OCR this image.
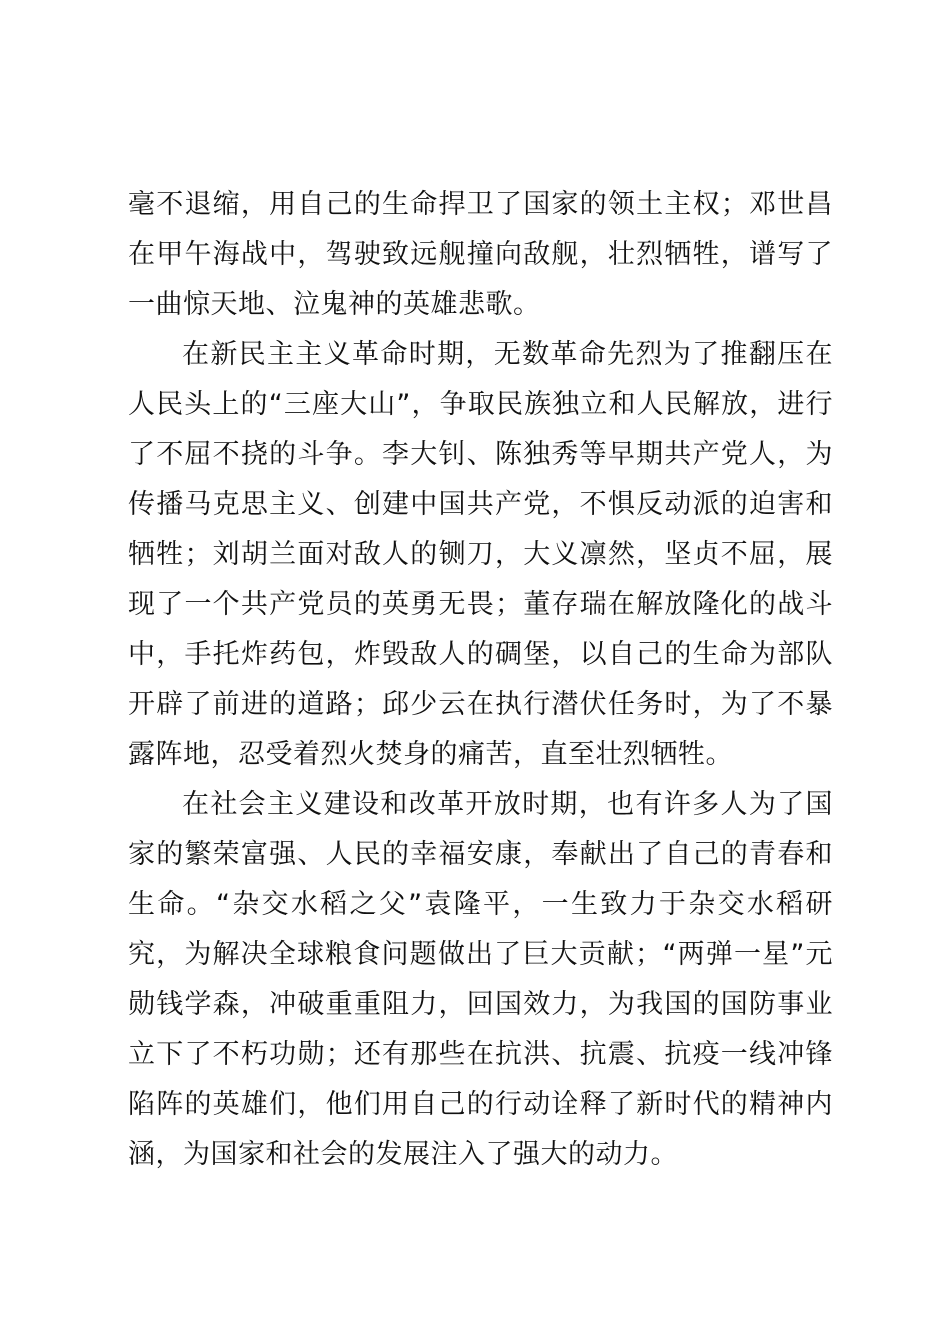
毫不退缩，用自己的生命捍卫了国家的领土主权；邓世昌在甲午海战中，驾驶致远舰撞向敌舰，壮烈牺牲，谱写了一曲惊天地、泣鬼神的英雄悲歌。

在新民主主义革命时期，无数革命先烈为了推翻压在人民头上的“三座大山”，争取民族独立和人民解放，进行了不屈不挠的斗争。李大钊、陈独秀等早期共产党人，为传播马克思主义、创建中国共产党，不惧反动派的迫害和牺牲；刘胡兰面对敌人的铡刀，大义凛然，坚贞不屈，展现了一个共产党员的英勇无畏；董存瑞在解放隆化的战斗中，手托炸药包，炸毁敌人的碉堡，以自己的生命为部队开辟了前进的道路；邱少云在执行潜伏任务时，为了不暴露阵地，忍受着烈火焚身的痛苦，直至壮烈牺牲。

在社会主义建设和改革开放时期，也有许多人为了国家的繁荣富强、人民的幸福安康，奉献出了自己的青春和生命。“杂交水稻之父”袁隆平，一生致力于杂交水稻研究，为解决全球粮食问题做出了巨大贡献；“两弹一星”元勋钱学森，冲破重重阻力，回国效力，为我国的国防事业立下了不朽功勋；还有那些在抗洪、抗震、抗疫一线冲锋陷阵的英雄们，他们用自己的行动诠释了新时代的精神内涵，为国家和社会的发展注入了强大的动力。
